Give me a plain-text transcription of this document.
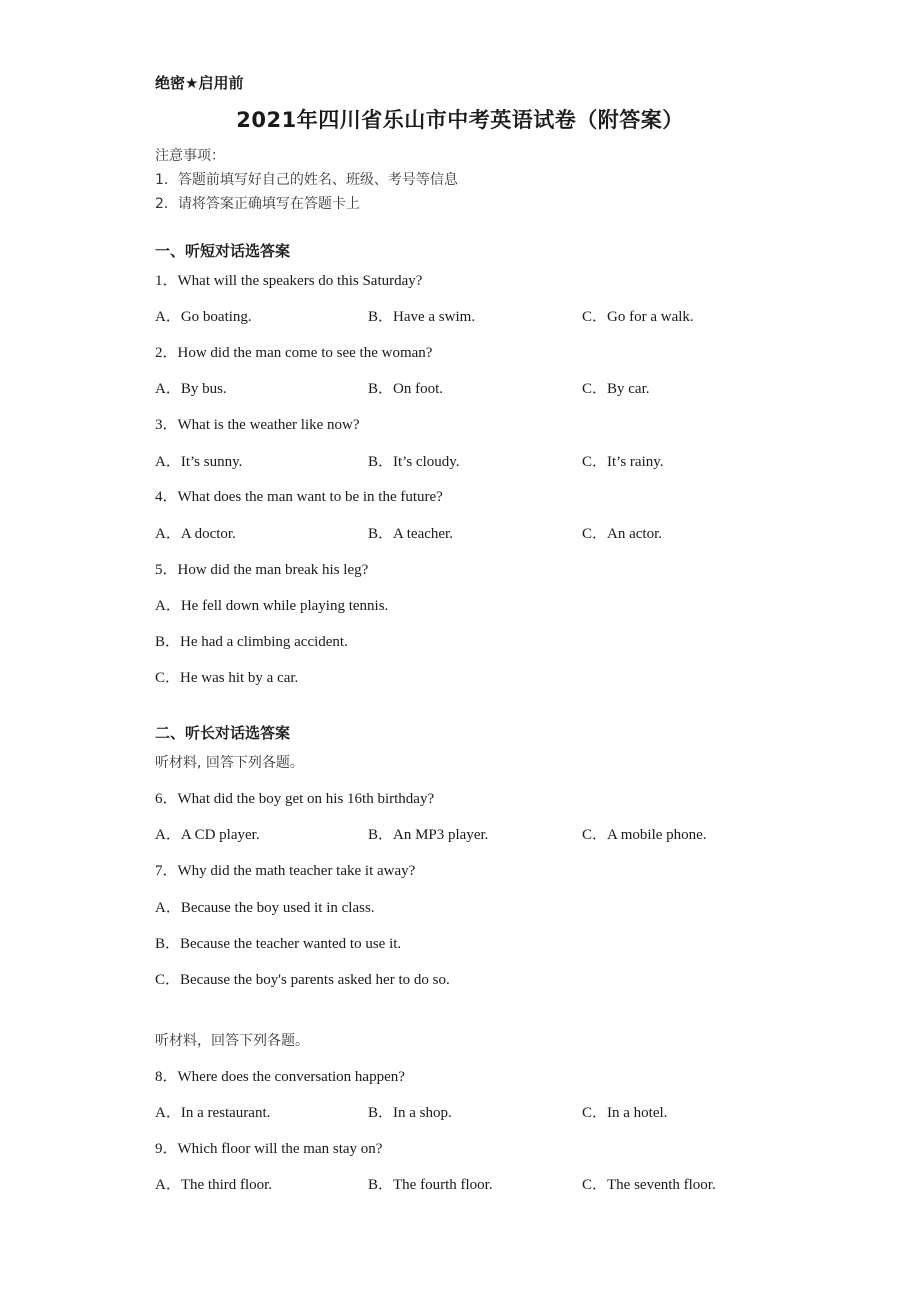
绝密★启用前
2021年四川省乐山市中考英语试卷（附答案）
注意事项：
1．答题前填写好自己的姓名、班级、考号等信息
2．请将答案正确填写在答题卡上
一、听短对话选答案
1．What will the speakers do this Saturday?
A．Go boating.	B．Have a swim.	C．Go for a walk.
2．How did the man come to see the woman?
A．By bus.	B．On foot.	C．By car.
3．What is the weather like now?
A．It’s sunny.	B．It’s cloudy.	C．It’s rainy.
4．What does the man want to be in the future?
A．A doctor.	B．A teacher.	C．An actor.
5．How did the man break his leg?
A．He fell down while playing tennis.
B．He had a climbing accident.
C．He was hit by a car.
二、听长对话选答案
听材料, 回答下列各题。
6．What did the boy get on his 16th birthday?
A．A CD player.	B．An MP3 player.	C．A mobile phone.
7．Why did the math teacher take it away?
A．Because the boy used it in class.
B．Because the teacher wanted to use it.
C．Because the boy's parents asked her to do so.
听材料，回答下列各题。
8．Where does the conversation happen?
A．In a restaurant.	B．In a shop.	C．In a hotel.
9．Which floor will the man stay on?
A．The third floor.	B．The fourth floor.	C．The seventh floor.
